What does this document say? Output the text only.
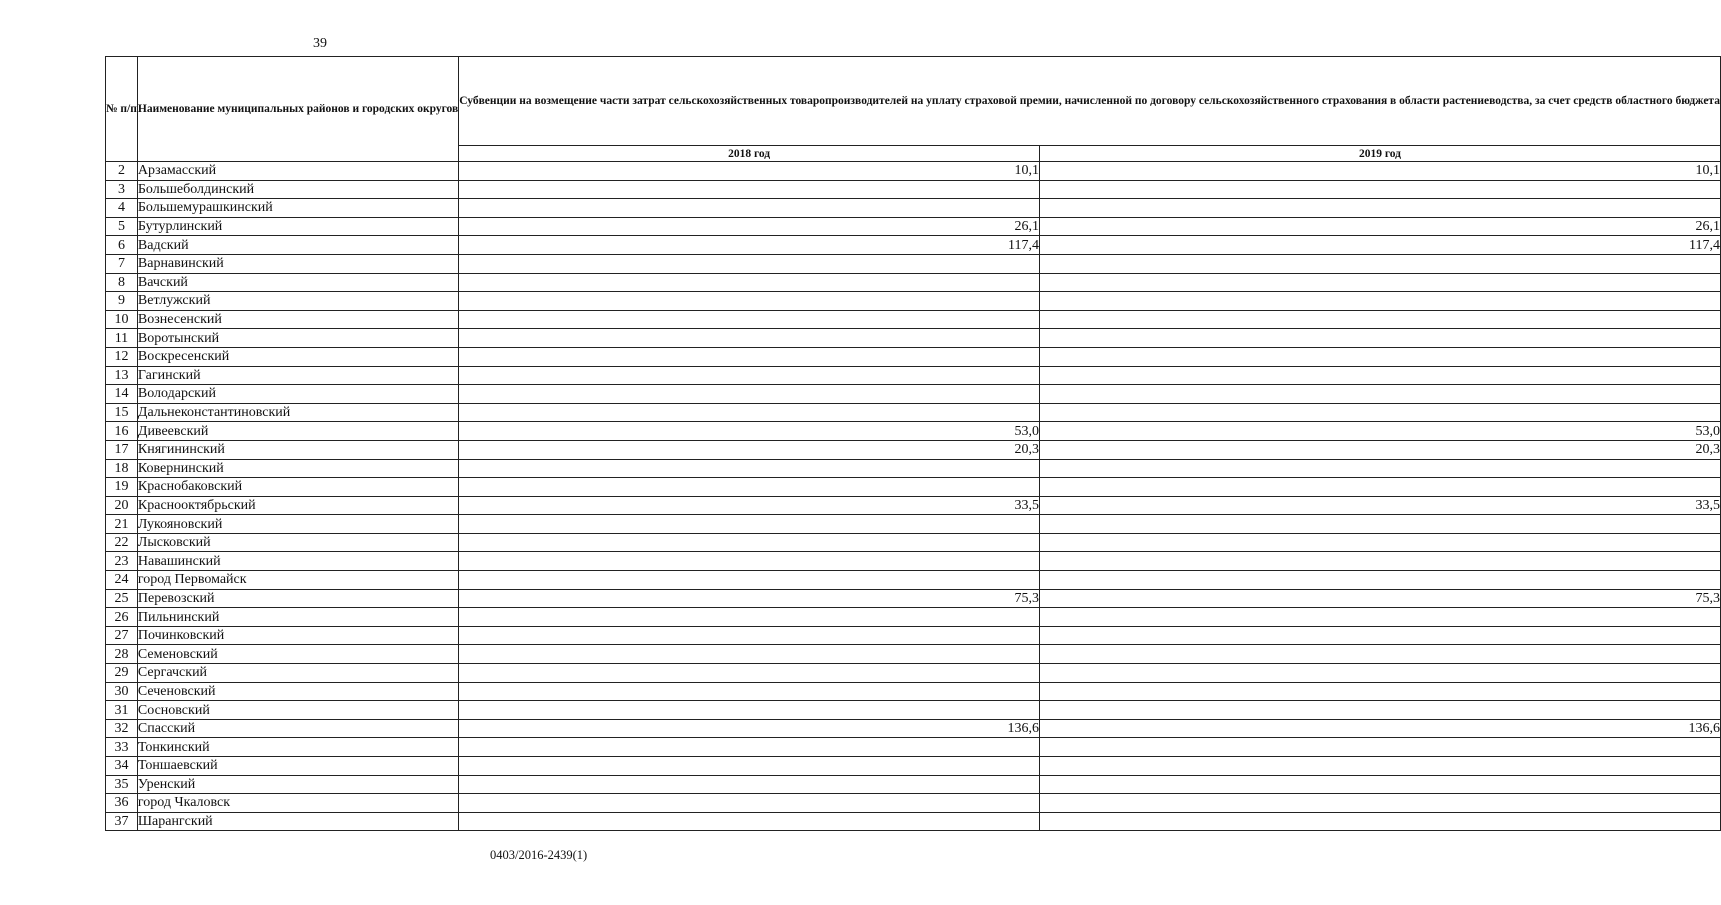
39
№ п/п	Наименование муниципальных районов и городских округов	Субвенции на возмещение части затрат сельскохозяйственных товаропроизводителей на уплату страховой премии, начисленной по договору сельскохозяйственного страхования в области растениеводства, за счет средств областного бюджета	
		2018 год	2019 год
2	Арзамасский	10,1	10,1
3	Большеболдинский		
4	Большемурашкинский		
5	Бутурлинский	26,1	26,1
6	Вадский	117,4	117,4
7	Варнавинский		
8	Вачский		
9	Ветлужский		
10	Вознесенский		
11	Воротынский		
12	Воскресенский		
13	Гагинский		
14	Володарский		
15	Дальнеконстантиновский		
16	Дивеевский	53,0	53,0
17	Княгининский	20,3	20,3
18	Ковернинский		
19	Краснобаковский		
20	Краснооктябрьский	33,5	33,5
21	Лукояновский		
22	Лысковский		
23	Навашинский		
24	город Первомайск		
25	Перевозский	75,3	75,3
26	Пильнинский		
27	Починковский		
28	Семеновский		
29	Сергачский		
30	Сеченовский		
31	Сосновский		
32	Спасский	136,6	136,6
33	Тонкинский		
34	Тоншаевский		
35	Уренский		
36	город Чкаловск		
37	Шарангский		
0403/2016-2439(1)
